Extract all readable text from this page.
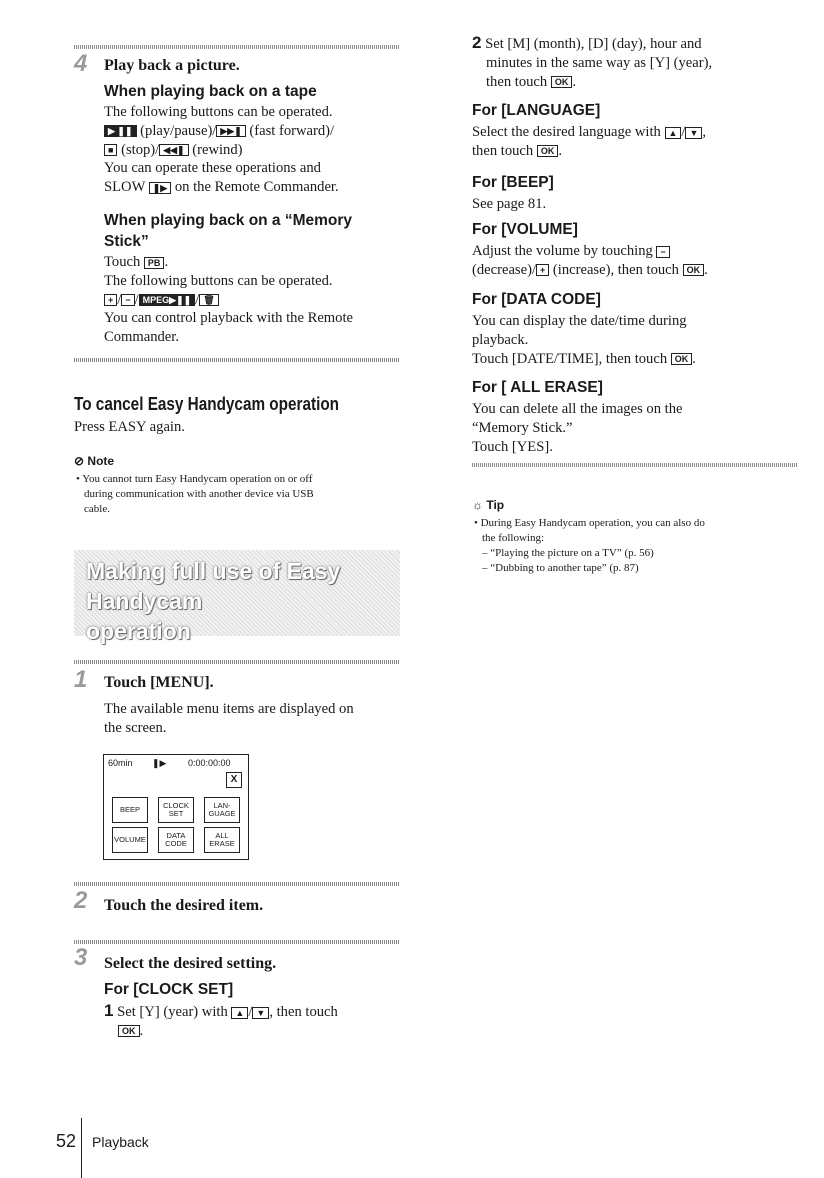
4 Play back a picture.
When playing back on a tape
The following buttons can be operated.
▶ ❚❚ (play/pause)/ ▶▶❚ (fast forward)/
■ (stop)/ ◀◀❚ (rewind)
You can operate these operations and
SLOW ❚▶ on the Remote Commander.
When playing back on a “Memory
Stick”
Touch PB .
The following buttons can be operated.
+ / − / MPEG▶❚❚ / 🗑
You can control playback with the Remote
Commander.
To cancel Easy Handycam operation
Press EASY again.
⊘ Note
• You cannot turn Easy Handycam operation on or off
during communication with another device via USB
cable.
Making full use of Easy Handycam
operation
1 Touch [MENU].
The available menu items are displayed on
the screen.
60min ❚▶ 0:00:00:00
X
BEEP	CLOCK SET
LAN-GUAGE
VOLUME	DATA CODE
ALL ERASE
2 Touch the desired item.
3 Select the desired setting.
For [CLOCK SET]
1 Set [Y] (year) with ▲ / ▼ , then touch
OK .
2 Set [M] (month), [D] (day), hour and
minutes in the same way as [Y] (year),
then touch OK .
For [LANGUAGE]
Select the desired language with ▲ / ▼ ,
then touch OK .
For [BEEP]
See page 81.
For [VOLUME]
Adjust the volume by touching −
(decrease)/ + (increase), then touch OK .
For [DATA CODE]
You can display the date/time during
playback.
Touch [DATE/TIME], then touch OK .
For [ ALL ERASE]
You can delete all the images on the
“Memory Stick.”
Touch [YES].
☼ Tip
• During Easy Handycam operation, you can also do
the following:
– “Playing the picture on a TV” (p. 56)
– “Dubbing to another tape” (p. 87)
52 Playback
